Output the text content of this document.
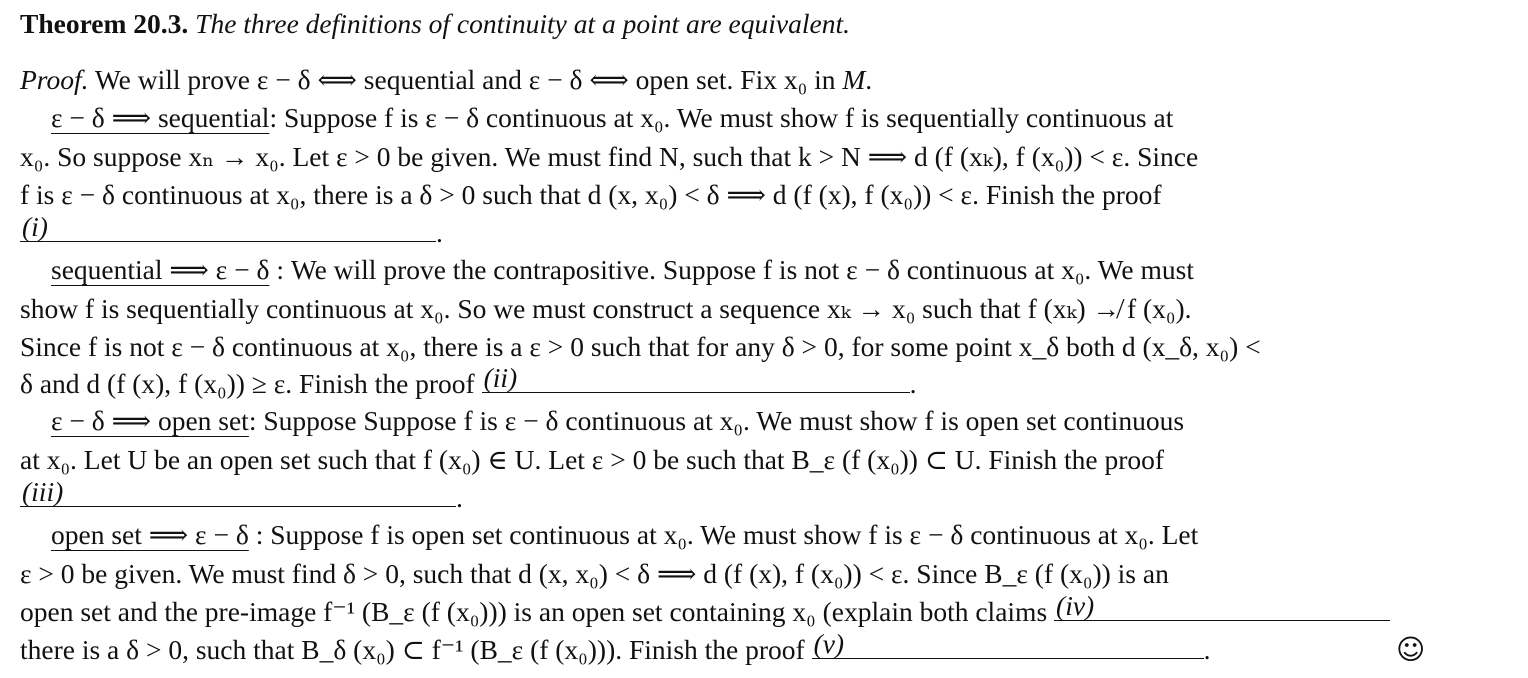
Theorem 20.3. The three definitions of continuity at a point are equivalent.
Proof. We will prove ε − δ ⟺ sequential and ε − δ ⟺ open set. Fix x₀ in M.
ε − δ ⟹ sequential: Suppose f is ε − δ continuous at x₀. We must show f is sequentially continuous at
x₀. So suppose xₙ → x₀. Let ε > 0 be given. We must find N, such that k > N ⟹ d (f (xₖ), f (x₀)) < ε. Since
f is ε − δ continuous at x₀, there is a δ > 0 such that d (x, x₀) < δ ⟹ d (f (x), f (x₀)) < ε. Finish the proof
(i)	.
sequential ⟹ ε − δ : We will prove the contrapositive. Suppose f is not ε − δ continuous at x₀. We must
show f is sequentially continuous at x₀. So we must construct a sequence xₖ → x₀ such that f (xₖ) ↛ f (x₀).
Since f is not ε − δ continuous at x₀, there is a ε > 0 such that for any δ > 0, for some point x_δ both d (x_δ, x₀) <
δ and d (f (x), f (x₀)) ≥ ε. Finish the proof (ii)	.
ε − δ ⟹ open set: Suppose Suppose f is ε − δ continuous at x₀. We must show f is open set continuous
at x₀. Let U be an open set such that f (x₀) ∈ U. Let ε > 0 be such that B_ε (f (x₀)) ⊂ U. Finish the proof
(iii)	.
open set ⟹ ε − δ : Suppose f is open set continuous at x₀. We must show f is ε − δ continuous at x₀. Let
ε > 0 be given. We must find δ > 0, such that d (x, x₀) < δ ⟹ d (f (x), f (x₀)) < ε. Since B_ε (f (x₀)) is an
open set and the pre-image f⁻¹ (B_ε (f (x₀))) is an open set containing x₀ (explain both claims (iv)
there is a δ > 0, such that B_δ (x₀) ⊂ f⁻¹ (B_ε (f (x₀))). Finish the proof (v)	.	☺
